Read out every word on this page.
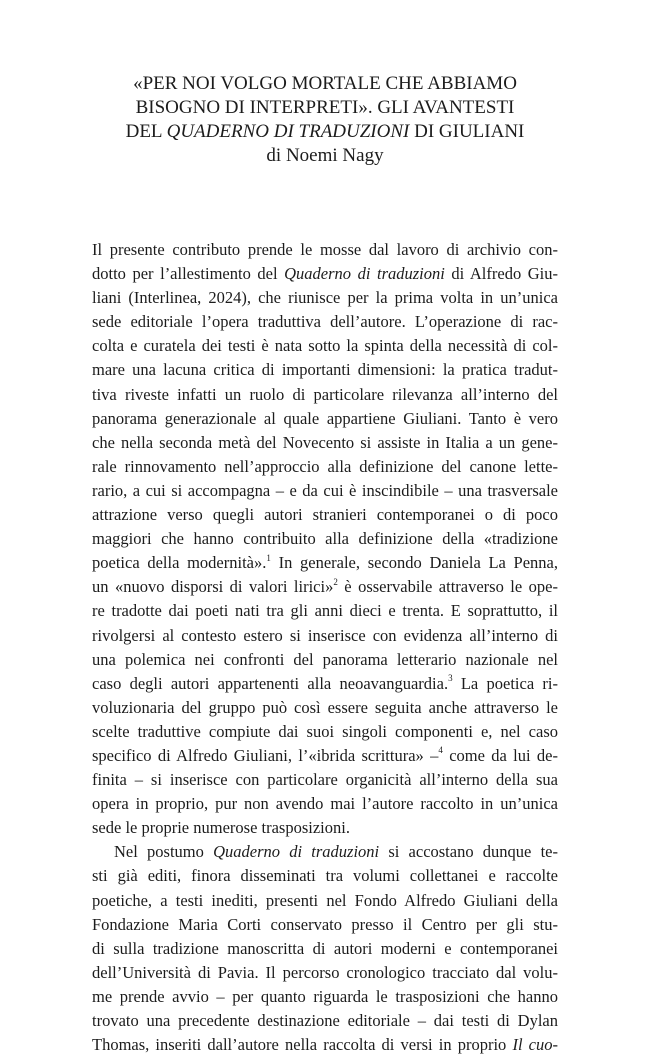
«PER NOI VOLGO MORTALE CHE ABBIAMO
BISOGNO DI INTERPRETI». GLI AVANTESTI
DEL QUADERNO DI TRADUZIONI DI GIULIANI
di Noemi Nagy
Il presente contributo prende le mosse dal lavoro di archivio con-
dotto per l’allestimento del Quaderno di traduzioni di Alfredo Giu-
liani (Interlinea, 2024), che riunisce per la prima volta in un’unica
sede editoriale l’opera traduttiva dell’autore. L’operazione di rac-
colta e curatela dei testi è nata sotto la spinta della necessità di col-
mare una lacuna critica di importanti dimensioni: la pratica tradut-
tiva riveste infatti un ruolo di particolare rilevanza all’interno del
panorama generazionale al quale appartiene Giuliani. Tanto è vero
che nella seconda metà del Novecento si assiste in Italia a un gene-
rale rinnovamento nell’approccio alla definizione del canone lette-
rario, a cui si accompagna – e da cui è inscindibile – una trasversale
attrazione verso quegli autori stranieri contemporanei o di poco
maggiori che hanno contribuito alla definizione della «tradizione
poetica della modernità».$^1$ In generale, secondo Daniela La Penna,
un «nuovo disporsi di valori lirici»$^2$ è osservabile attraverso le ope-
re tradotte dai poeti nati tra gli anni dieci e trenta. E soprattutto, il
rivolgersi al contesto estero si inserisce con evidenza all’interno di
una polemica nei confronti del panorama letterario nazionale nel
caso degli autori appartenenti alla neoavanguardia.$^3$ La poetica ri-
voluzionaria del gruppo può così essere seguita anche attraverso le
scelte traduttive compiute dai suoi singoli componenti e, nel caso
specifico di Alfredo Giuliani, l’«ibrida scrittura» –$^4$ come da lui de-
finita – si inserisce con particolare organicità all’interno della sua
opera in proprio, pur non avendo mai l’autore raccolto in un’unica
sede le proprie numerose trasposizioni.
Nel postumo Quaderno di traduzioni si accostano dunque te-
sti già editi, finora disseminati tra volumi collettanei e raccolte
poetiche, a testi inediti, presenti nel Fondo Alfredo Giuliani della
Fondazione Maria Corti conservato presso il Centro per gli stu-
di sulla tradizione manoscritta di autori moderni e contemporanei
dell’Università di Pavia. Il percorso cronologico tracciato dal volu-
me prende avvio – per quanto riguarda le trasposizioni che hanno
trovato una precedente destinazione editoriale – dai testi di Dylan
Thomas, inseriti dall’autore nella raccolta di versi in proprio Il cuo-
